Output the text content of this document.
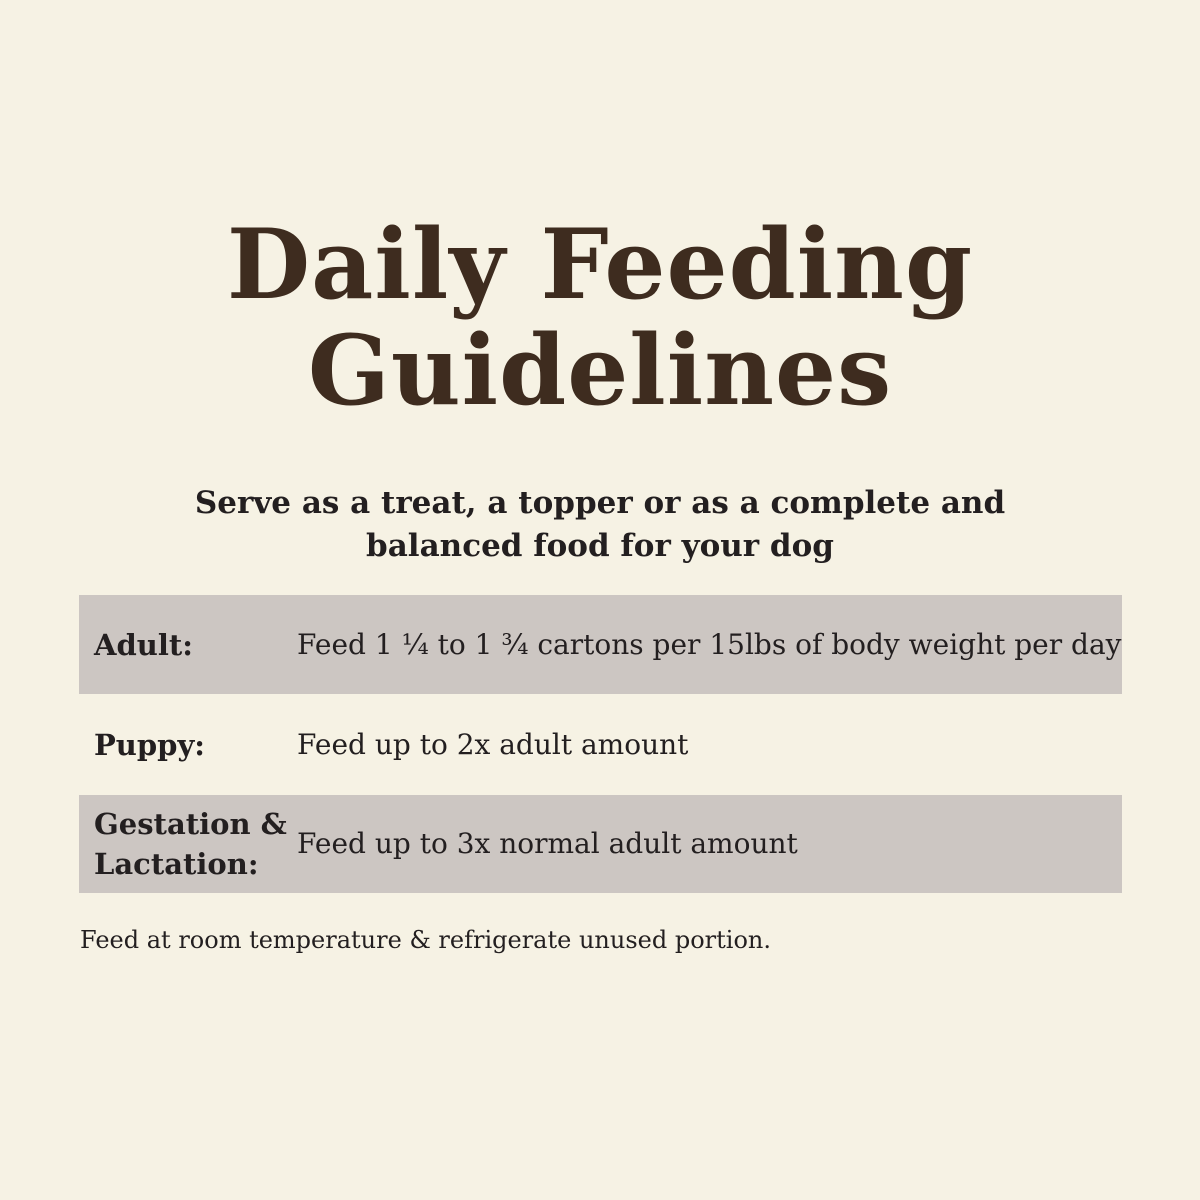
Daily Feeding
Guidelines
Serve as a treat, a topper or as a complete and
balanced food for your dog
Adult:	Feed 1 ¼ to 1 ¾ cartons per 15lbs of body weight per day
Puppy:	Feed up to 2x adult amount
Gestation &
Lactation:
Feed up to 3x normal adult amount
Feed at room temperature & refrigerate unused portion.
